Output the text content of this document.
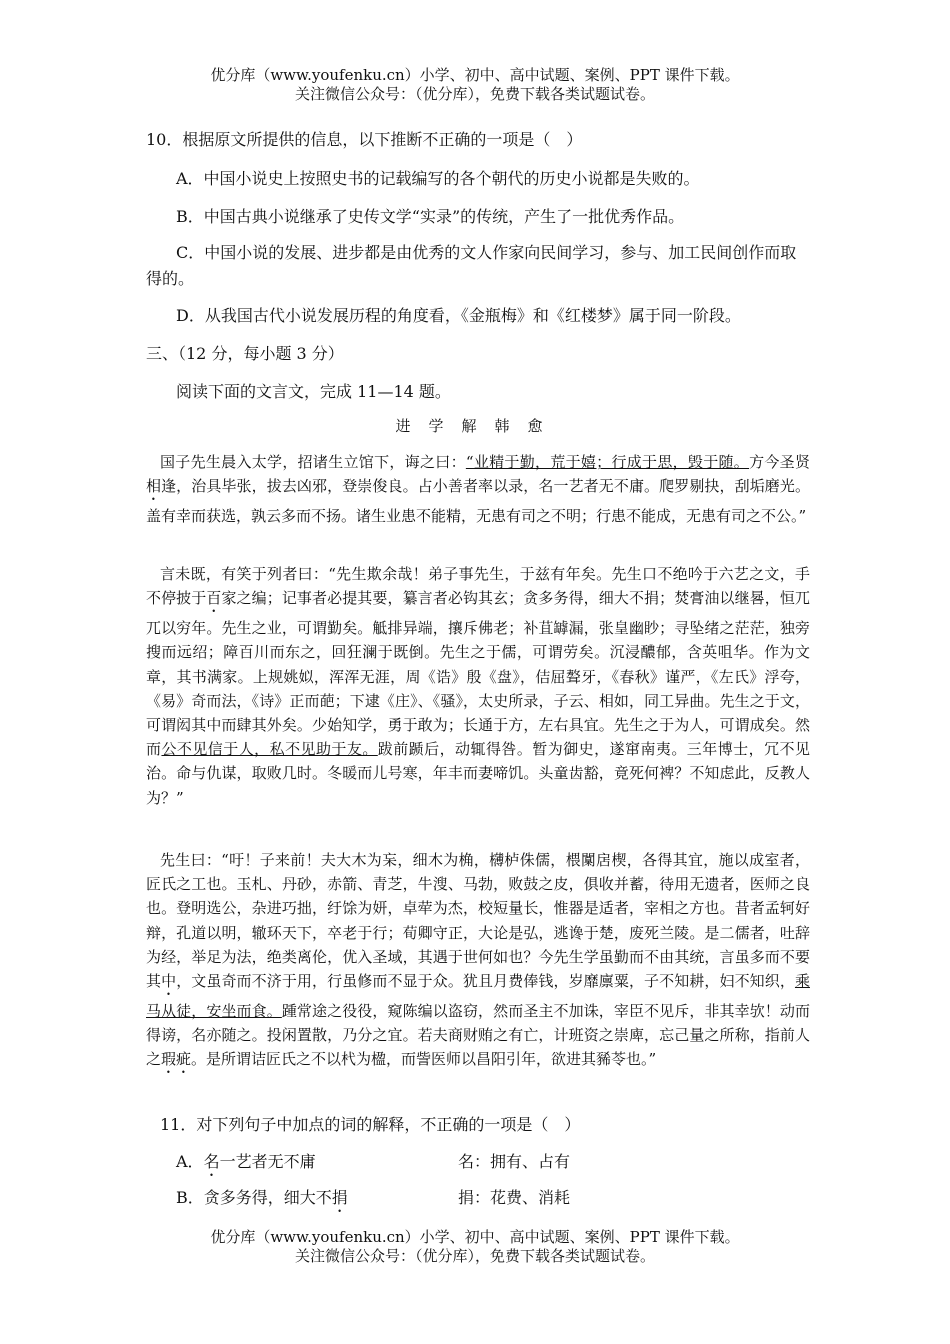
优分库（www.youfenku.cn）小学、初中、高中试题、案例、PPT 课件下载。
关注微信公众号：（优分库），免费下载各类试题试卷。
10．根据原文所提供的信息，以下推断不正确的一项是（　）
A．中国小说史上按照史书的记载编写的各个朝代的历史小说都是失败的。
B．中国古典小说继承了史传文学“实录”的传统，产生了一批优秀作品。
C．中国小说的发展、进步都是由优秀的文人作家向民间学习，参与、加工民间创作而取得的。
D．从我国古代小说发展历程的角度看，《金瓶梅》和《红楼梦》属于同一阶段。
三、（12 分，每小题 3 分）
阅读下面的文言文，完成 11—14 题。
进学解韩愈
国子先生晨入太学，招诸生立馆下，诲之曰：“业精于勤，荒于嬉；行成于思，毁于随。方今圣贤相逢，治具毕张，拔去凶邪，登崇俊良。占小善者率以录，名一艺者无不庸。爬罗剔抉，刮垢磨光。盖有幸而获选，孰云多而不扬。诸生业患不能精，无患有司之不明；行患不能成，无患有司之不公。”
言未既，有笑于列者曰：“先生欺余哉！弟子事先生，于兹有年矣。先生口不绝吟于六艺之文，手不停披于百家之编；记事者必提其要，纂言者必钩其玄；贪多务得，细大不捐；焚膏油以继晷，恒兀兀以穷年。先生之业，可谓勤矣。觝排异端，攘斥佛老；补苴罅漏，张皇幽眇；寻坠绪之茫茫，独旁搜而远绍；障百川而东之，回狂澜于既倒。先生之于儒，可谓劳矣。沉浸醲郁，含英咀华。作为文章，其书满家。上规姚姒，浑浑无涯，周《诰》殷《盘》，佶屈聱牙，《春秋》谨严，《左氏》浮夸，《易》奇而法，《诗》正而葩；下逮《庄》、《骚》，太史所录，子云、相如，同工异曲。先生之于文，可谓闳其中而肆其外矣。少始知学，勇于敢为；长通于方，左右具宜。先生之于为人，可谓成矣。然而公不见信于人，私不见助于友。跋前踬后，动辄得咎。暂为御史，遂窜南夷。三年博士，冗不见治。命与仇谋，取败几时。冬暖而儿号寒，年丰而妻啼饥。头童齿豁，竟死何裨？不知虑此，反教人为？”
先生曰：“吁！子来前！夫大木为杗，细木为桷，欂栌侏儒，椳闑扂楔，各得其宜，施以成室者，匠氏之工也。玉札、丹砂，赤箭、青芝，牛溲、马勃，败鼓之皮，俱收并蓄，待用无遗者，医师之良也。登明选公，杂进巧拙，纡馀为妍，卓荦为杰，校短量长，惟器是适者，宰相之方也。昔者孟轲好辩，孔道以明，辙环天下，卒老于行；荀卿守正，大论是弘，逃谗于楚，废死兰陵。是二儒者，吐辞为经，举足为法，绝类离伦，优入圣域，其遇于世何如也？今先生学虽勤而不由其统，言虽多而不要其中，文虽奇而不济于用，行虽修而不显于众。犹且月费俸钱，岁靡廪粟，子不知耕，妇不知织，乘马从徒，安坐而食。踵常途之役役，窥陈编以盗窃，然而圣主不加诛，宰臣不见斥，非其幸欤！动而得谤，名亦随之。投闲置散，乃分之宜。若夫商财贿之有亡，计班资之崇庳，忘己量之所称，指前人之瑕疵。是所谓诘匠氏之不以杙为楹，而訾医师以昌阳引年，欲进其豨苓也。”
11．对下列句子中加点的词的解释，不正确的一项是（　）
A．名一艺者无不庸	名：拥有、占有
B．贪多务得，细大不捐	捐：花费、消耗
优分库（www.youfenku.cn）小学、初中、高中试题、案例、PPT 课件下载。
关注微信公众号：（优分库），免费下载各类试题试卷。
